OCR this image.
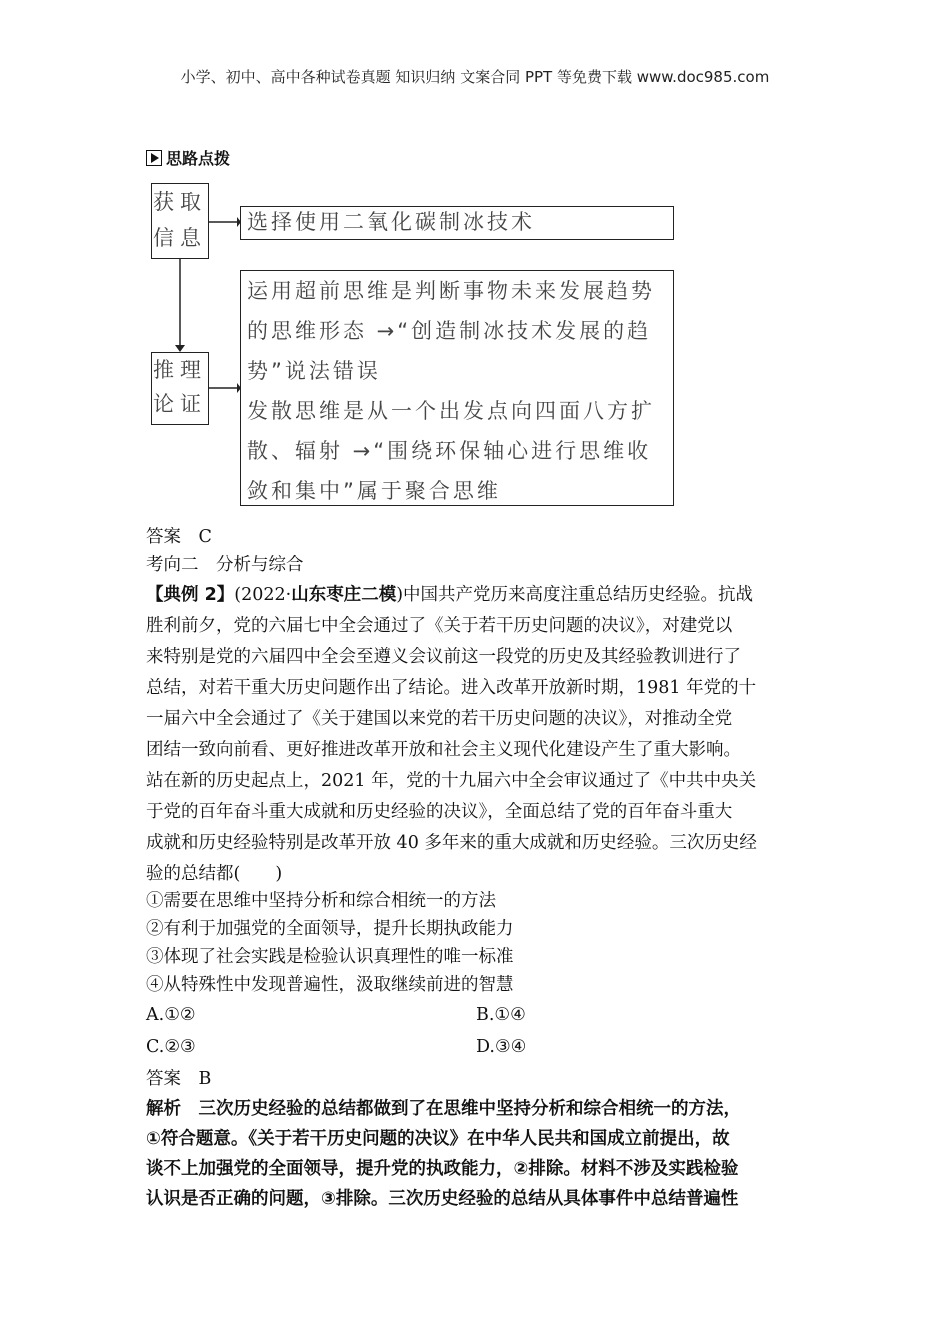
小学、初中、高中各种试卷真题 知识归纳 文案合同 PPT 等免费下载 www.doc985.com
思路点拨
获取
信息
选择使用二氧化碳制冰技术
推理
论证
运用超前思维是判断事物未来发展趋势
的思维形态 →“创造制冰技术发展的趋
势”说法错误
发散思维是从一个出发点向四面八方扩
散、辐射 →“围绕环保轴心进行思维收
敛和集中”属于聚合思维
答案　C
考向二　分析与综合
【典例 2】(2022·山东枣庄二模)中国共产党历来高度注重总结历史经验。抗战
胜利前夕，党的六届七中全会通过了《关于若干历史问题的决议》，对建党以
来特别是党的六届四中全会至遵义会议前这一段党的历史及其经验教训进行了
总结，对若干重大历史问题作出了结论。进入改革开放新时期，1981 年党的十
一届六中全会通过了《关于建国以来党的若干历史问题的决议》，对推动全党
团结一致向前看、更好推进改革开放和社会主义现代化建设产生了重大影响。
站在新的历史起点上，2021 年，党的十九届六中全会审议通过了《中共中央关
于党的百年奋斗重大成就和历史经验的决议》，全面总结了党的百年奋斗重大
成就和历史经验特别是改革开放 40 多年来的重大成就和历史经验。三次历史经
验的总结都(　　)
①需要在思维中坚持分析和综合相统一的方法
②有利于加强党的全面领导，提升长期执政能力
③体现了社会实践是检验认识真理性的唯一标准
④从特殊性中发现普遍性，汲取继续前进的智慧
A.①②	B.①④
C.②③	D.③④
答案　B
解析　三次历史经验的总结都做到了在思维中坚持分析和综合相统一的方法，
①符合题意。《关于若干历史问题的决议》在中华人民共和国成立前提出，故
谈不上加强党的全面领导，提升党的执政能力，②排除。材料不涉及实践检验
认识是否正确的问题，③排除。三次历史经验的总结从具体事件中总结普遍性
